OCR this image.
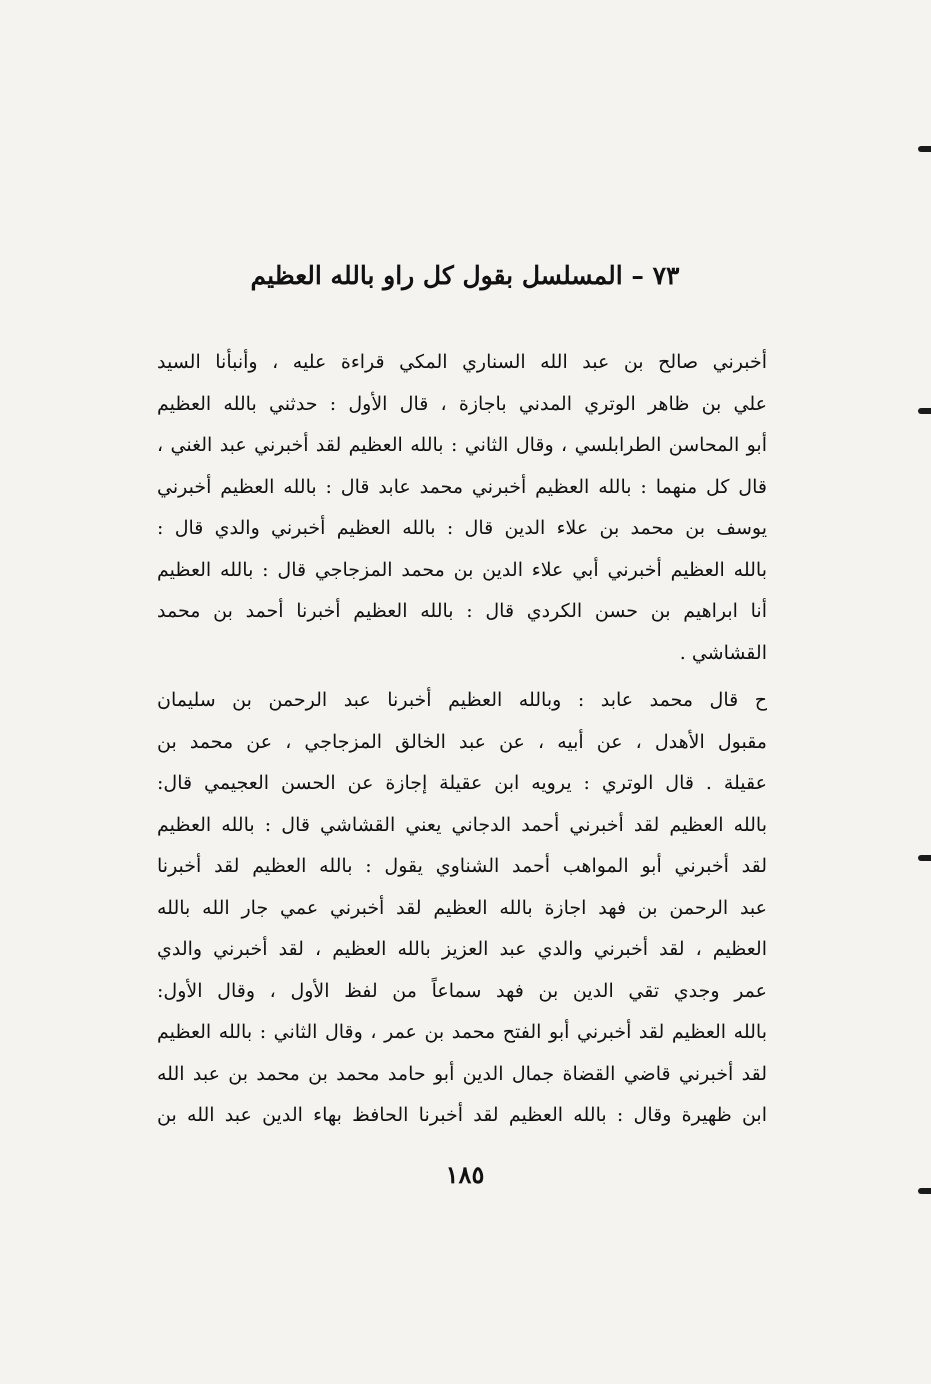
٧٣ – المسلسل بقول كل راو بالله العظيم
أخبرني صالح بن عبد الله السناري المكي قراءة عليه ، وأنبأنا السيد
علي بن ظاهر الوتري المدني باجازة ، قال الأول : حدثني بالله العظيم
أبو المحاسن الطرابلسي ، وقال الثاني : بالله العظيم لقد أخبرني عبد الغني ،
قال كل منهما : بالله العظيم أخبرني محمد عابد قال : بالله العظيم أخبرني
يوسف بن محمد بن علاء الدين قال : بالله العظيم أخبرني والدي قال :
بالله العظيم أخبرني أبي علاء الدين بن محمد المزجاجي قال : بالله العظيم
أنا ابراهيم بن حسن الكردي قال : بالله العظيم أخبرنا أحمد بن محمد
القشاشي .
ح قال محمد عابد : وبالله العظيم أخبرنا عبد الرحمن بن سليمان
مقبول الأهدل ، عن أبيه ، عن عبد الخالق المزجاجي ، عن محمد بن
عقيلة . قال الوتري : يرويه ابن عقيلة إجازة عن الحسن العجيمي قال:
بالله العظيم لقد أخبرني أحمد الدجاني يعني القشاشي قال : بالله العظيم
لقد أخبرني أبو المواهب أحمد الشناوي يقول : بالله العظيم لقد أخبرنا
عبد الرحمن بن فهد اجازة بالله العظيم لقد أخبرني عمي جار الله بالله
العظيم ، لقد أخبرني والدي عبد العزيز بالله العظيم ، لقد أخبرني والدي
عمر وجدي تقي الدين بن فهد سماعاً من لفظ الأول ، وقال الأول:
بالله العظيم لقد أخبرني أبو الفتح محمد بن عمر ، وقال الثاني : بالله العظيم
لقد أخبرني قاضي القضاة جمال الدين أبو حامد محمد بن محمد بن عبد الله
ابن ظهيرة وقال : بالله العظيم لقد أخبرنا الحافظ بهاء الدين عبد الله بن
١٨٥
